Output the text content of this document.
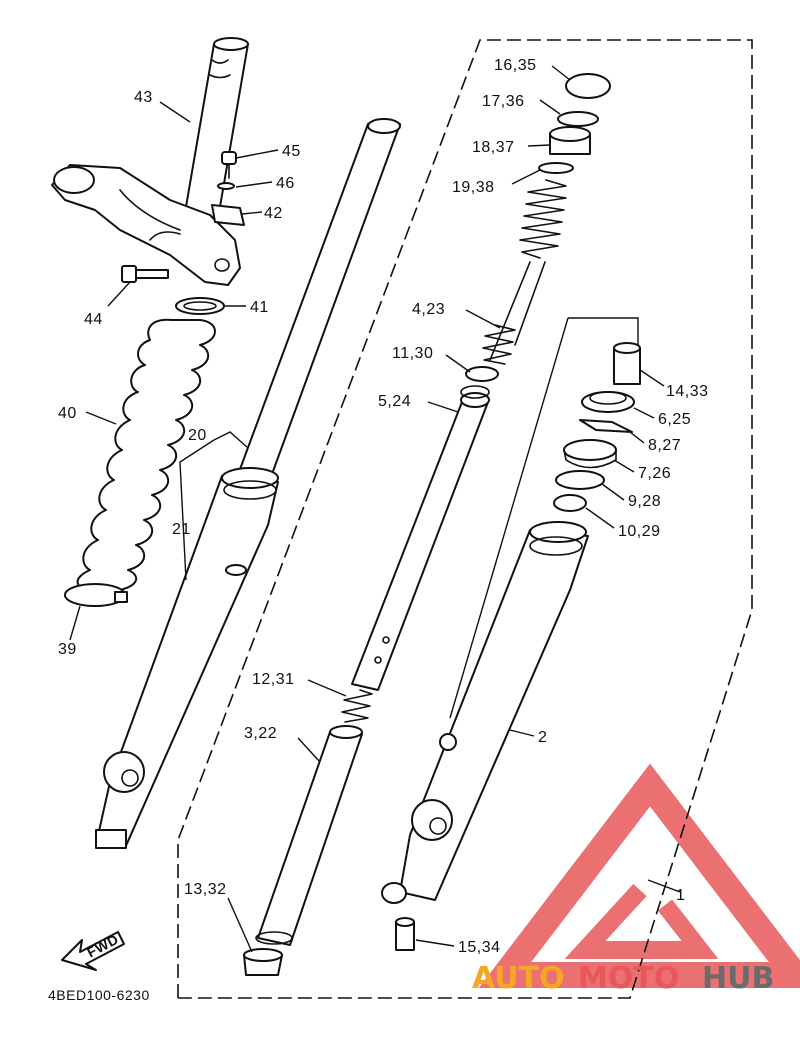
FWD
43
45
46
42
44
41
40
20
21
39
16,35
17,36
18,37
19,38
4,23
11,30
5,24
14,33
6,25
8,27
7,26
9,28
10,29
12,31
3,22	2
1
13,32
15,34
4BED100-6230	AUTO MOTO HUB
